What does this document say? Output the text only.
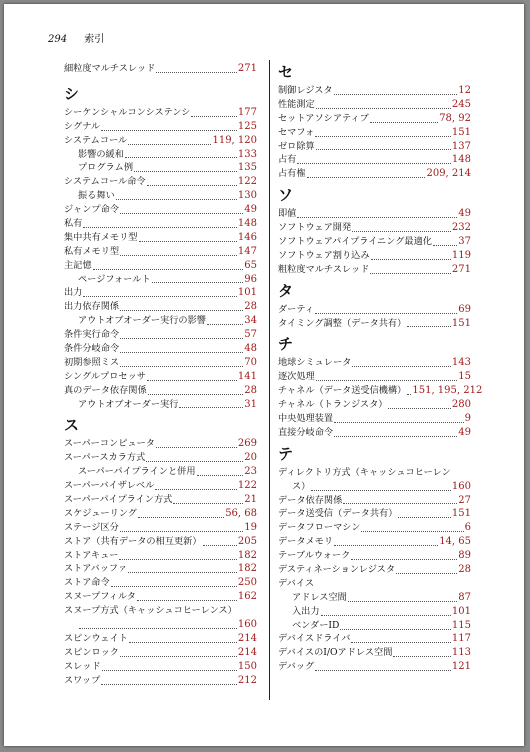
294 索引
細粒度マルチスレッド	271
シ
シーケンシャルコンシステンシ	177
シグナル	125
システムコール	119, 120
影響の緩和	133
プログラム例	135
システムコール命令	122
振る舞い	130
ジャンプ命令	49
私有	148
集中共有メモリ型	146
私有メモリ型	147
主記憶	65
ページフォールト	96
出力	101
出力依存関係	28
アウトオブオーダー実行の影響	34
条件実行命令	57
条件分岐命令	48
初期参照ミス	70
シングルプロセッサ	141
真のデータ依存関係	28
アウトオブオーダー実行	31
ス
スーパーコンピュータ	269
スーパースカラ方式	20
スーパーパイプラインと併用	23
スーパーバイザレベル	122
スーパーパイプライン方式	21
スケジューリング	56, 68
ステージ区分	19
ストア（共有データの相互更新）	205
ストアキュー	182
ストアバッファ	182
ストア命令	250
スヌープフィルタ	162
スヌープ方式（キャッシュコヒーレンス）
160
スピンウェイト	214
スピンロック	214
スレッド	150
スワップ	212
セ
制御レジスタ	12
性能測定	245
セットアソシアティブ	78, 92
セマフォ	151
ゼロ除算	137
占有	148
占有権	209, 214
ソ
即値	49
ソフトウェア開発	232
ソフトウェアパイプライニング最適化	37
ソフトウェア割り込み	119
粗粒度マルチスレッド	271
タ
ダーティ	69
タイミング調整（データ共有）	151
チ
地球シミュレータ	143
逐次処理	15
チャネル（データ送受信機構） 151, 195, 212
チャネル（トランジスタ）	280
中央処理装置	9
直接分岐命令	49
テ
ディレクトリ方式（キャッシュコヒーレン
ス）	160
データ依存関係	27
データ送受信（データ共有）	151
データフローマシン	6
データメモリ	14, 65
テーブルウォーク	89
デスティネーションレジスタ	28
デバイス
アドレス空間	87
入出力	101
ベンダーID	115
デバイスドライバ	117
デバイスのI/Oアドレス空間	113
デバッグ	121
